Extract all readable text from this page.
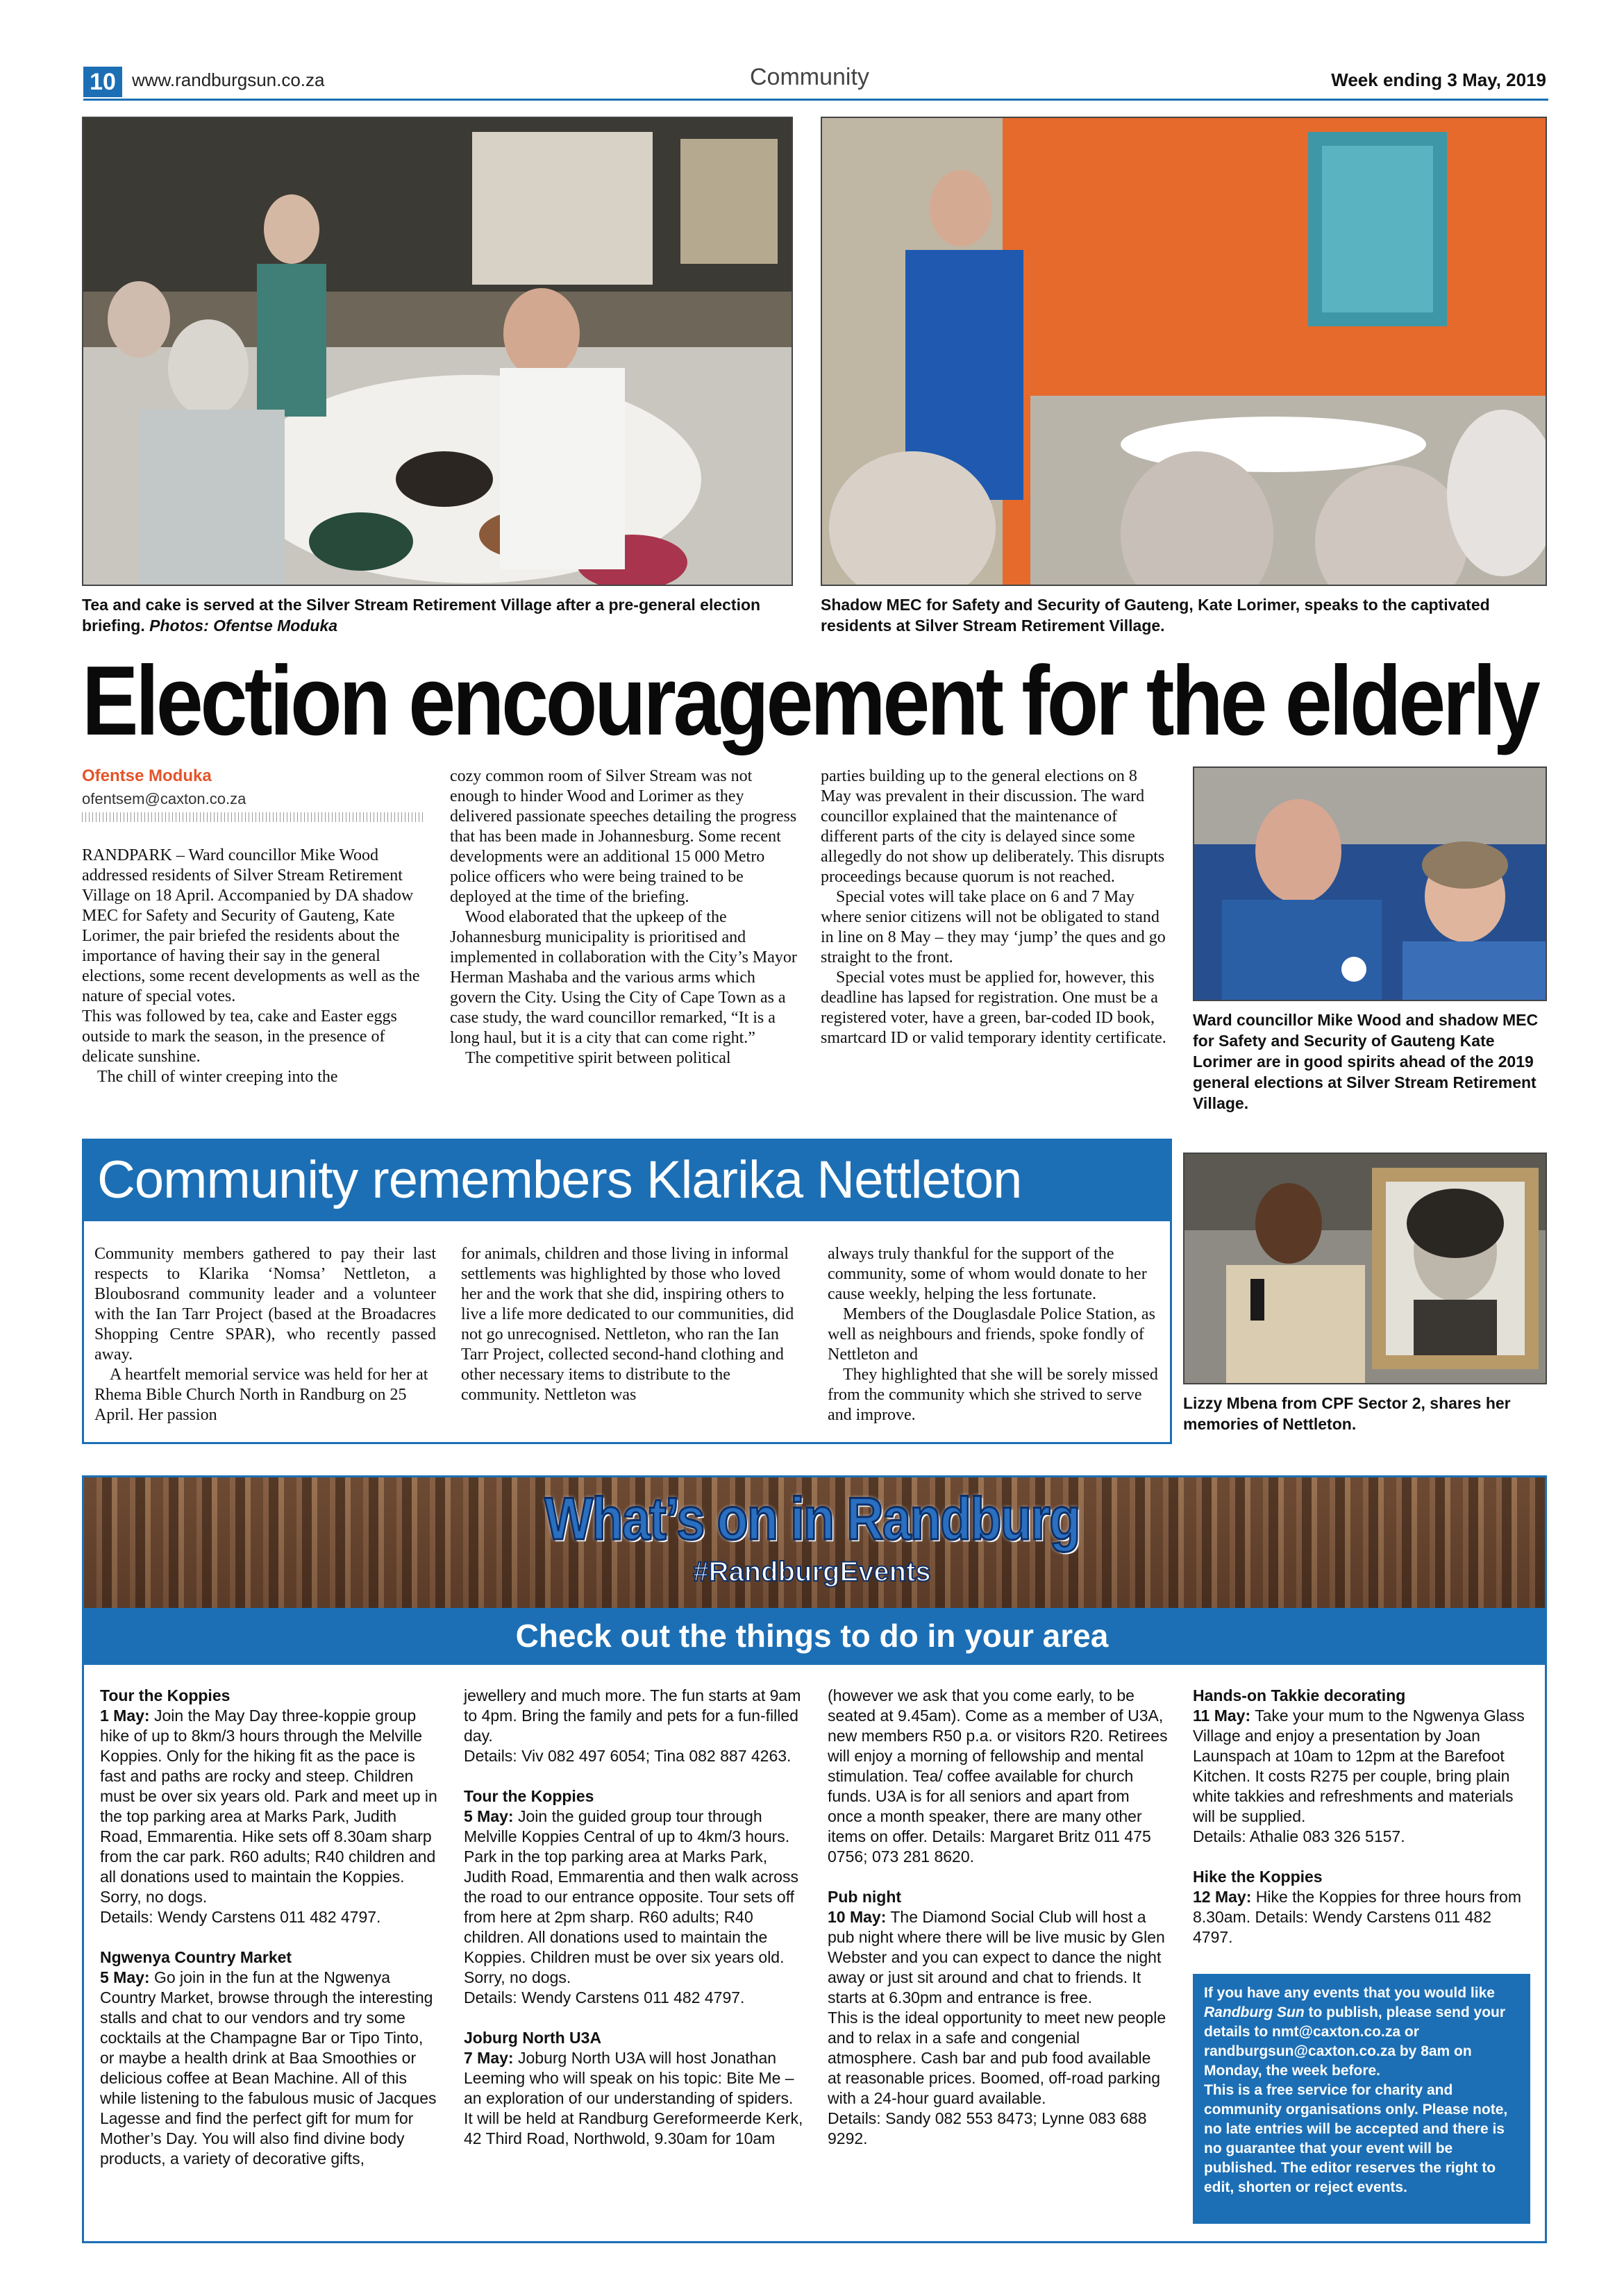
10 www.randburgsun.co.za	Community	Week ending 3 May, 2019
Tea and cake is served at the Silver Stream Retirement Village after a pre-general election briefing. Photos: Ofentse Moduka
Shadow MEC for Safety and Security of Gauteng, Kate Lorimer, speaks to the captivated residents at Silver Stream Retirement Village.
Election encouragement for the elderly
Ofentse Moduka
ofentsem@caxton.co.za

RANDPARK – Ward councillor Mike Wood addressed residents of Silver Stream Retirement Village on 18 April. Accompanied by DA shadow MEC for Safety and Security of Gauteng, Kate Lorimer, the pair briefed the residents about the importance of having their say in the general elections, some recent developments as well as the nature of special votes.

This was followed by tea, cake and Easter eggs outside to mark the season, in the presence of delicate sunshine.

The chill of winter creeping into the

cozy common room of Silver Stream was not enough to hinder Wood and Lorimer as they delivered passionate speeches detailing the progress that has been made in Johannesburg. Some recent developments were an additional 15 000 Metro police officers who were being trained to be deployed at the time of the briefing.

Wood elaborated that the upkeep of the Johannesburg municipality is prioritised and implemented in collaboration with the City’s Mayor Herman Mashaba and the various arms which govern the City. Using the City of Cape Town as a case study, the ward councillor remarked, “It is a long haul, but it is a city that can come right.”

The competitive spirit between political

parties building up to the general elections on 8 May was prevalent in their discussion. The ward councillor explained that the maintenance of different parts of the city is delayed since some allegedly do not show up deliberately. This disrupts proceedings because quorum is not reached.

Special votes will take place on 6 and 7 May where senior citizens will not be obligated to stand in line on 8 May – they may ‘jump’ the ques and go straight to the front.

Special votes must be applied for, however, this deadline has lapsed for registration. One must be a registered voter, have a green, bar-coded ID book, smartcard ID or valid temporary identity certificate.

Ward councillor Mike Wood and shadow MEC for Safety and Security of Gauteng Kate Lorimer are in good spirits ahead of the 2019 general elections at Silver Stream Retirement Village.
Community remembers Klarika Nettleton

Community members gathered to pay their last respects to Klarika ‘Nomsa’ Nettleton, a Bloubosrand community leader and a volunteer with the Ian Tarr Project (based at the Broadacres Shopping Centre SPAR), who recently passed away.

A heartfelt memorial service was held for her at Rhema Bible Church North in Randburg on 25 April. Her passion

for animals, children and those living in informal settlements was highlighted by those who loved her and the work that she did, inspiring others to live a life more dedicated to our communities, did not go unrecognised. Nettleton, who ran the Ian Tarr Project, collected second-hand clothing and other necessary items to distribute to the community. Nettleton was

always truly thankful for the support of the community, some of whom would donate to her cause weekly, helping the less fortunate.

Members of the Douglasdale Police Station, as well as neighbours and friends, spoke fondly of Nettleton and

They highlighted that she will be sorely missed from the community which she strived to serve and improve.

Lizzy Mbena from CPF Sector 2, shares her memories of Nettleton.
What’s on in Randburg
#RandburgEvents
Check out the things to do in your area

Tour the Koppies

1 May: Join the May Day three-koppie group hike of up to 8km/3 hours through the Melville Koppies. Only for the hiking fit as the pace is fast and paths are rocky and steep. Children must be over six years old. Park and meet up in the top parking area at Marks Park, Judith Road, Emmarentia. Hike sets off 8.30am sharp from the car park. R60 adults; R40 children and all donations used to maintain the Koppies. Sorry, no dogs.

Details: Wendy Carstens 011 482 4797.

Ngwenya Country Market

5 May: Go join in the fun at the Ngwenya Country Market, browse through the interesting stalls and chat to our vendors and try some cocktails at the Champagne Bar or Tipo Tinto, or maybe a health drink at Baa Smoothies or delicious coffee at Bean Machine. All of this while listening to the fabulous music of Jacques Lagesse and find the perfect gift for mum for Mother’s Day. You will also find divine body products, a variety of decorative gifts,

jewellery and much more. The fun starts at 9am to 4pm. Bring the family and pets for a fun-filled day.

Details: Viv 082 497 6054; Tina 082 887 4263.

Tour the Koppies

5 May: Join the guided group tour through Melville Koppies Central of up to 4km/3 hours. Park in the top parking area at Marks Park, Judith Road, Emmarentia and then walk across the road to our entrance opposite. Tour sets off from here at 2pm sharp. R60 adults; R40 children. All donations used to maintain the Koppies. Children must be over six years old. Sorry, no dogs.

Details: Wendy Carstens 011 482 4797.

Joburg North U3A

7 May: Joburg North U3A will host Jonathan Leeming who will speak on his topic: Bite Me – an exploration of our understanding of spiders. It will be held at Randburg Gereformeerde Kerk, 42 Third Road, Northwold, 9.30am for 10am

(however we ask that you come early, to be seated at 9.45am). Come as a member of U3A, new members R50 p.a. or visitors R20. Retirees will enjoy a morning of fellowship and mental stimulation. Tea/ coffee available for church funds. U3A is for all seniors and apart from once a month speaker, there are many other items on offer. Details: Margaret Britz 011 475 0756; 073 281 8620.

Pub night

10 May: The Diamond Social Club will host a pub night where there will be live music by Glen Webster and you can expect to dance the night away or just sit around and chat to friends. It starts at 6.30pm and entrance is free.

This is the ideal opportunity to meet new people and to relax in a safe and congenial atmosphere. Cash bar and pub food available at reasonable prices. Boomed, off-road parking with a 24-hour guard available.

Details: Sandy 082 553 8473; Lynne 083 688 9292.

Hands-on Takkie decorating

11 May: Take your mum to the Ngwenya Glass Village and enjoy a presentation by Joan Launspach at 10am to 12pm at the Barefoot Kitchen. It costs R275 per couple, bring plain white takkies and refreshments and materials will be supplied.

Details: Athalie 083 326 5157.

Hike the Koppies

12 May: Hike the Koppies for three hours from 8.30am. Details: Wendy Carstens 011 482 4797.

If you have any events that you would like Randburg Sun to publish, please send your details to nmt@caxton.co.za or randburgsun@caxton.co.za by 8am on Monday, the week before.

This is a free service for charity and community organisations only. Please note, no late entries will be accepted and there is no guarantee that your event will be published. The editor reserves the right to edit, shorten or reject events.
